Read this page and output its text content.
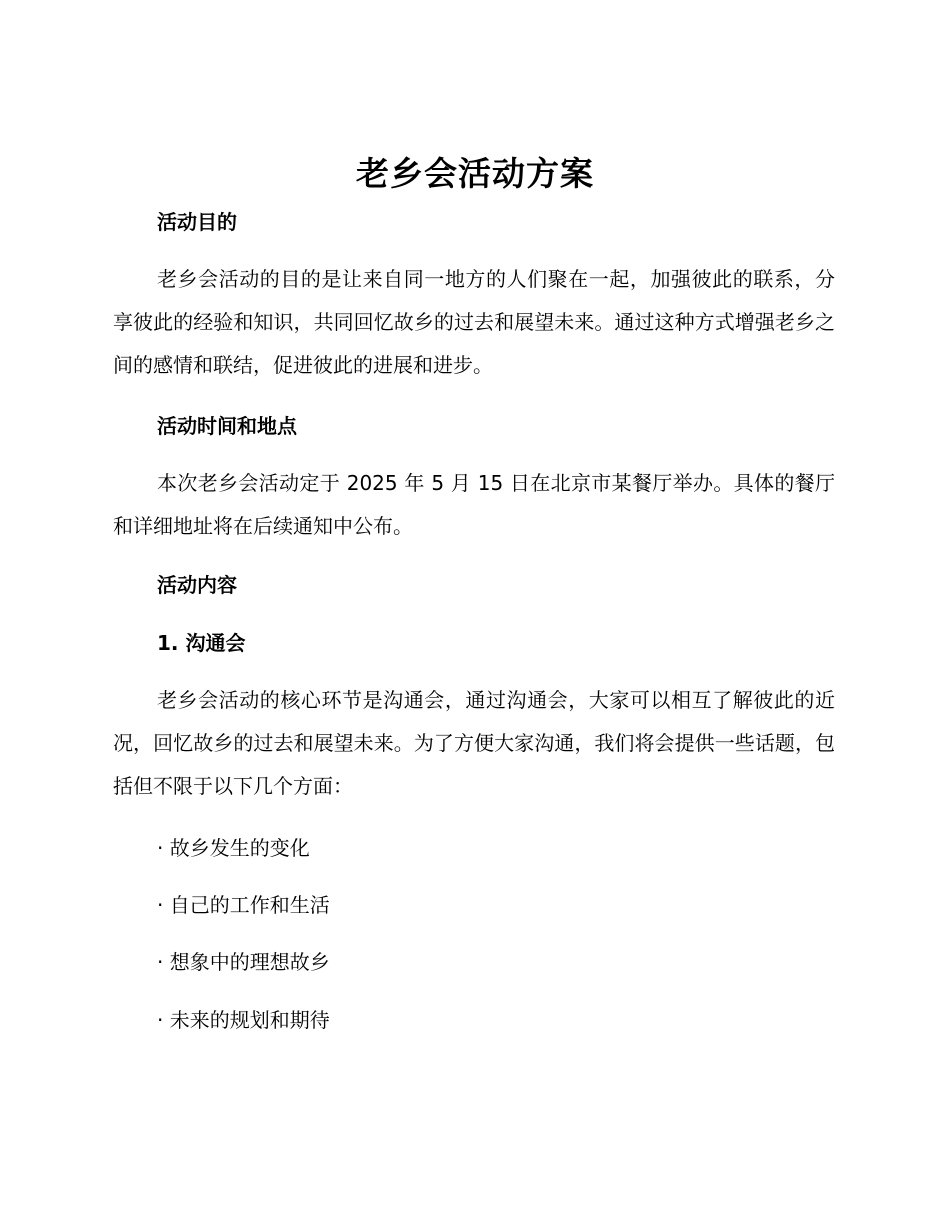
老乡会活动方案
活动目的
老乡会活动的目的是让来自同一地方的人们聚在一起，加强彼此的联系，分享彼此的经验和知识，共同回忆故乡的过去和展望未来。通过这种方式增强老乡之间的感情和联结，促进彼此的进展和进步。
活动时间和地点
本次老乡会活动定于 2025 年 5 月 15 日在北京市某餐厅举办。具体的餐厅和详细地址将在后续通知中公布。
活动内容
1. 沟通会
老乡会活动的核心环节是沟通会，通过沟通会，大家可以相互了解彼此的近况，回忆故乡的过去和展望未来。为了方便大家沟通，我们将会提供一些话题，包括但不限于以下几个方面：
· 故乡发生的变化
· 自己的工作和生活
· 想象中的理想故乡
· 未来的规划和期待
